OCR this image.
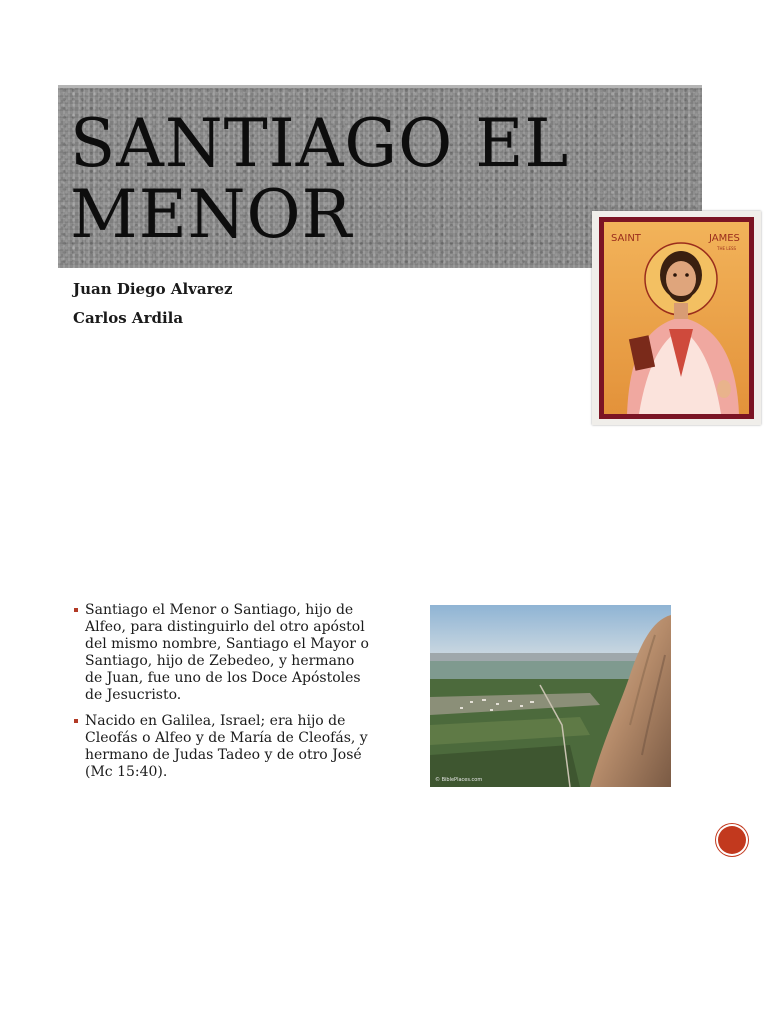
SANTIAGO EL MENOR
Juan Diego Alvarez
Carlos Ardila
SAINT	JAMES
THE LESS
Santiago el Menor o Santiago, hijo de Alfeo, para distinguirlo del otro apóstol del mismo nombre, Santiago el Mayor o Santiago, hijo de Zebedeo, y hermano de Juan, fue uno de los Doce Apóstoles de Jesucristo.
Nacido en Galilea, Israel; era hijo de Cleofás o Alfeo y de María de Cleofás, y hermano de Judas Tadeo y de otro José (Mc 15:40).	© BiblePlaces.com
